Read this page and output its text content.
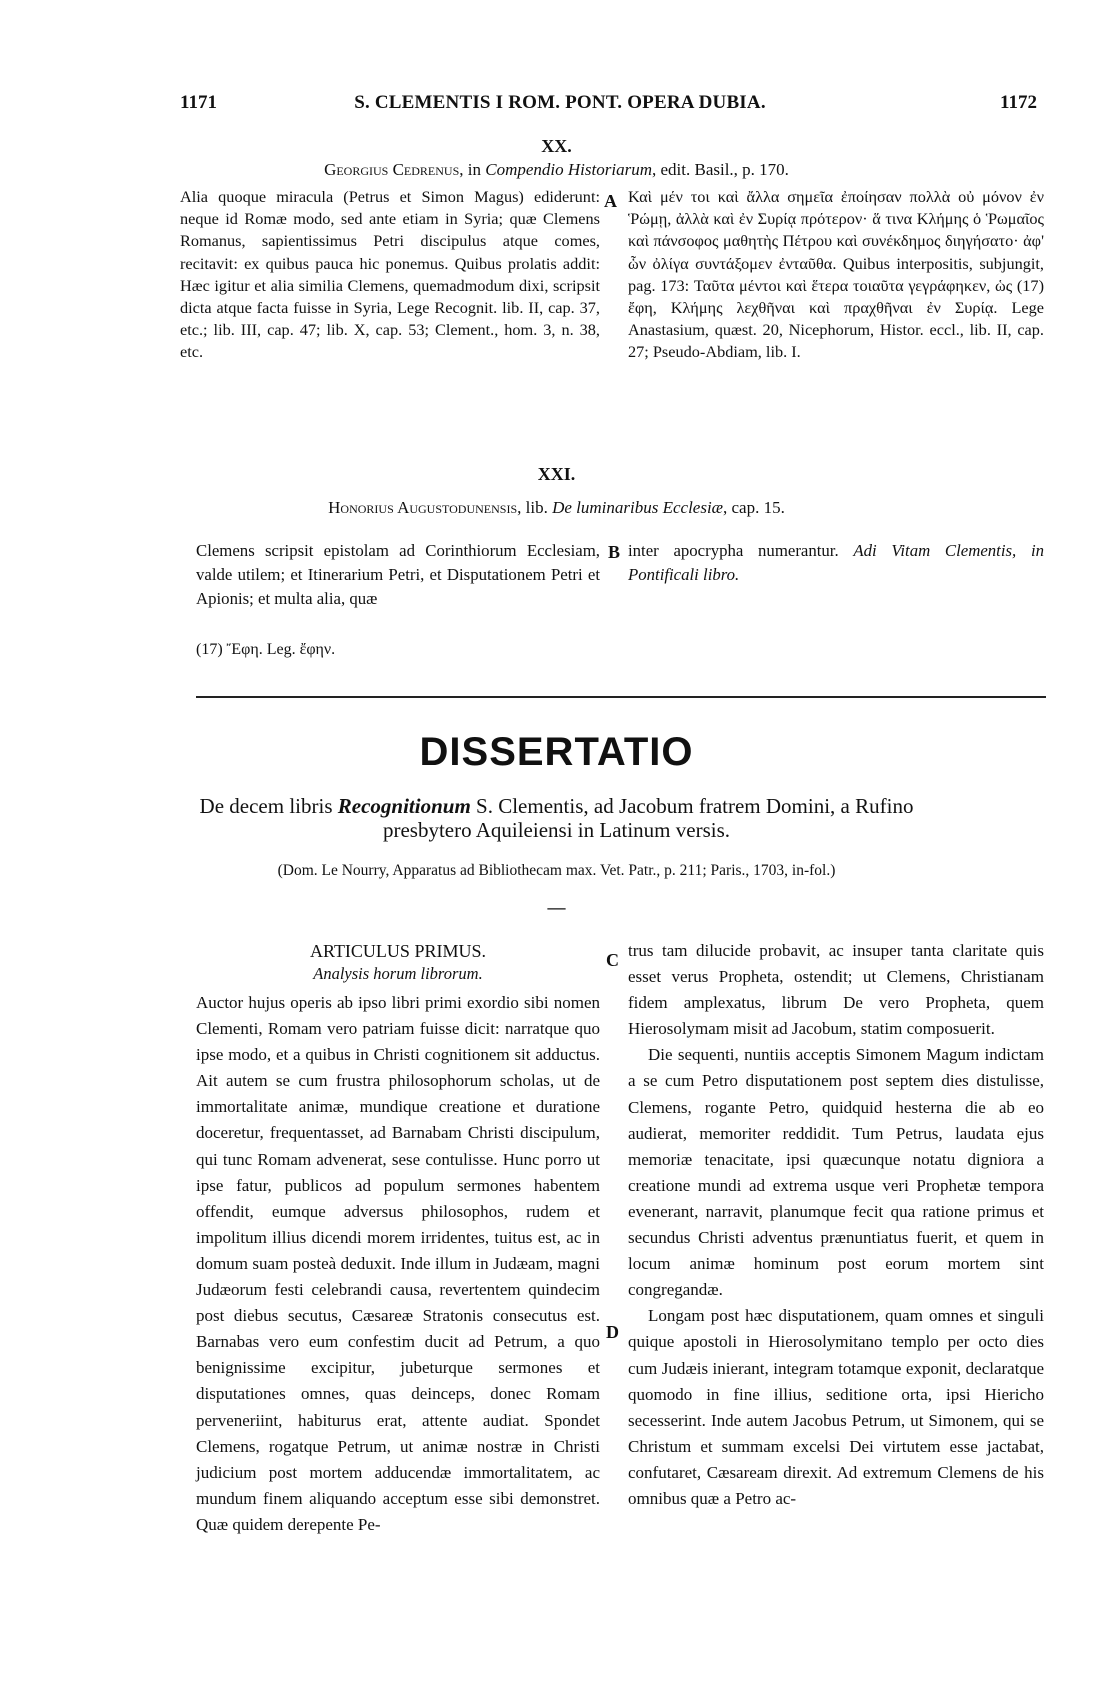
1171	S. CLEMENTIS I ROM. PONT. OPERA DUBIA.	1172
XX.
Georgius Cedrenus, in Compendio Historiarum, edit. Basil., p. 170.

Alia quoque miracula (Petrus et Simon Magus) ediderunt: neque id Romæ modo, sed ante etiam in Syria; quæ Clemens Romanus, sapientissimus Petri discipulus atque comes, recitavit: ex quibus pauca hic ponemus. Quibus prolatis addit: Hæc igitur et alia similia Clemens, quemadmodum dixi, scripsit dicta atque facta fuisse in Syria, Lege Recognit. lib. II, cap. 37, etc.; lib. III, cap. 47; lib. X, cap. 53; Clement., hom. 3, n. 38, etc.

A Καὶ μέν τοι καὶ ἄλλα σημεῖα ἐποίησαν πολλὰ οὐ μόνον ἐν Ῥώμῃ, ἀλλὰ καὶ ἐν Συρίᾳ πρότερον· ἅ τινα Κλήμης ὁ Ῥωμαῖος καὶ πάνσοφος μαθητὴς Πέτρου καὶ συνέκδημος διηγήσατο· ἀφ' ὧν ὀλίγα συντάξομεν ἐνταῦθα. Quibus interpositis, subjungit, pag. 173: Ταῦτα μέντοι καὶ ἕτερα τοιαῦτα γεγράφηκεν, ὡς (17) ἔφη, Κλήμης λεχθῆναι καὶ πραχθῆναι ἐν Συρίᾳ. Lege Anastasium, quæst. 20, Nicephorum, Histor. eccl., lib. II, cap. 27; Pseudo-Abdiam, lib. I.

XXI.
Honorius Augustodunensis, lib. De luminaribus Ecclesiæ, cap. 15.
Clemens scripsit epistolam ad Corinthiorum Ecclesiam, valde utilem; et Itinerarium Petri, et Disputationem Petri et Apionis; et multa alia, quæ
B inter apocrypha numerantur. Adi Vitam Clementis, in Pontificali libro.
(17) Ἔφη. Leg. ἔφην.
DISSERTATIO
De decem libris Recognitionum S. Clementis, ad Jacobum fratrem Domini, a Rufino
presbytero Aquileiensi in Latinum versis.
(Dom. Le Nourry, Apparatus ad Bibliothecam max. Vet. Patr., p. 211; Paris., 1703, in-fol.)
—
ARTICULUS PRIMUS.
Analysis horum librorum.

Auctor hujus operis ab ipso libri primi exordio sibi nomen Clementi, Romam vero patriam fuisse dicit: narratque quo ipse modo, et a quibus in Christi cognitionem sit adductus. Ait autem se cum frustra philosophorum scholas, ut de immortalitate animæ, mundique creatione et duratione doceretur, frequentasset, ad Barnabam Christi discipulum, qui tunc Romam advenerat, sese contulisse. Hunc porro ut ipse fatur, publicos ad populum sermones habentem offendit, eumque adversus philosophos, rudem et impolitum illius dicendi morem irridentes, tuitus est, ac in domum suam posteà deduxit. Inde illum in Judæam, magni Judæorum festi celebrandi causa, revertentem quindecim post diebus secutus, Cæsareæ Stratonis consecutus est. Barnabas vero eum confestim ducit ad Petrum, a quo benignissime excipitur, jubeturque sermones et disputationes omnes, quas deinceps, donec Romam perveneriint, habiturus erat, attente audiat. Spondet Clemens, rogatque Petrum, ut animæ nostræ in Christi judicium post mortem adducendæ immortalitatem, ac mundum finem aliquando acceptum esse sibi demonstret. Quæ quidem derepente Pe-

C
D

trus tam dilucide probavit, ac insuper tanta claritate quis esset verus Propheta, ostendit; ut Clemens, Christianam fidem amplexatus, librum De vero Propheta, quem Hierosolymam misit ad Jacobum, statim composuerit.

Die sequenti, nuntiis acceptis Simonem Magum indictam a se cum Petro disputationem post septem dies distulisse, Clemens, rogante Petro, quidquid hesterna die ab eo audierat, memoriter reddidit. Tum Petrus, laudata ejus memoriæ tenacitate, ipsi quæcunque notatu digniora a creatione mundi ad extrema usque veri Prophetæ tempora evenerant, narravit, planumque fecit qua ratione primus et secundus Christi adventus prænuntiatus fuerit, et quem in locum animæ hominum post eorum mortem sint congregandæ.

Longam post hæc disputationem, quam omnes et singuli quique apostoli in Hierosolymitano templo per octo dies cum Judæis inierant, integram totamque exponit, declaratque quomodo in fine illius, seditione orta, ipsi Hiericho secesserint. Inde autem Jacobus Petrum, ut Simonem, qui se Christum et summam excelsi Dei virtutem esse jactabat, confutaret, Cæsaream direxit. Ad extremum Clemens de his omnibus quæ a Petro ac-
